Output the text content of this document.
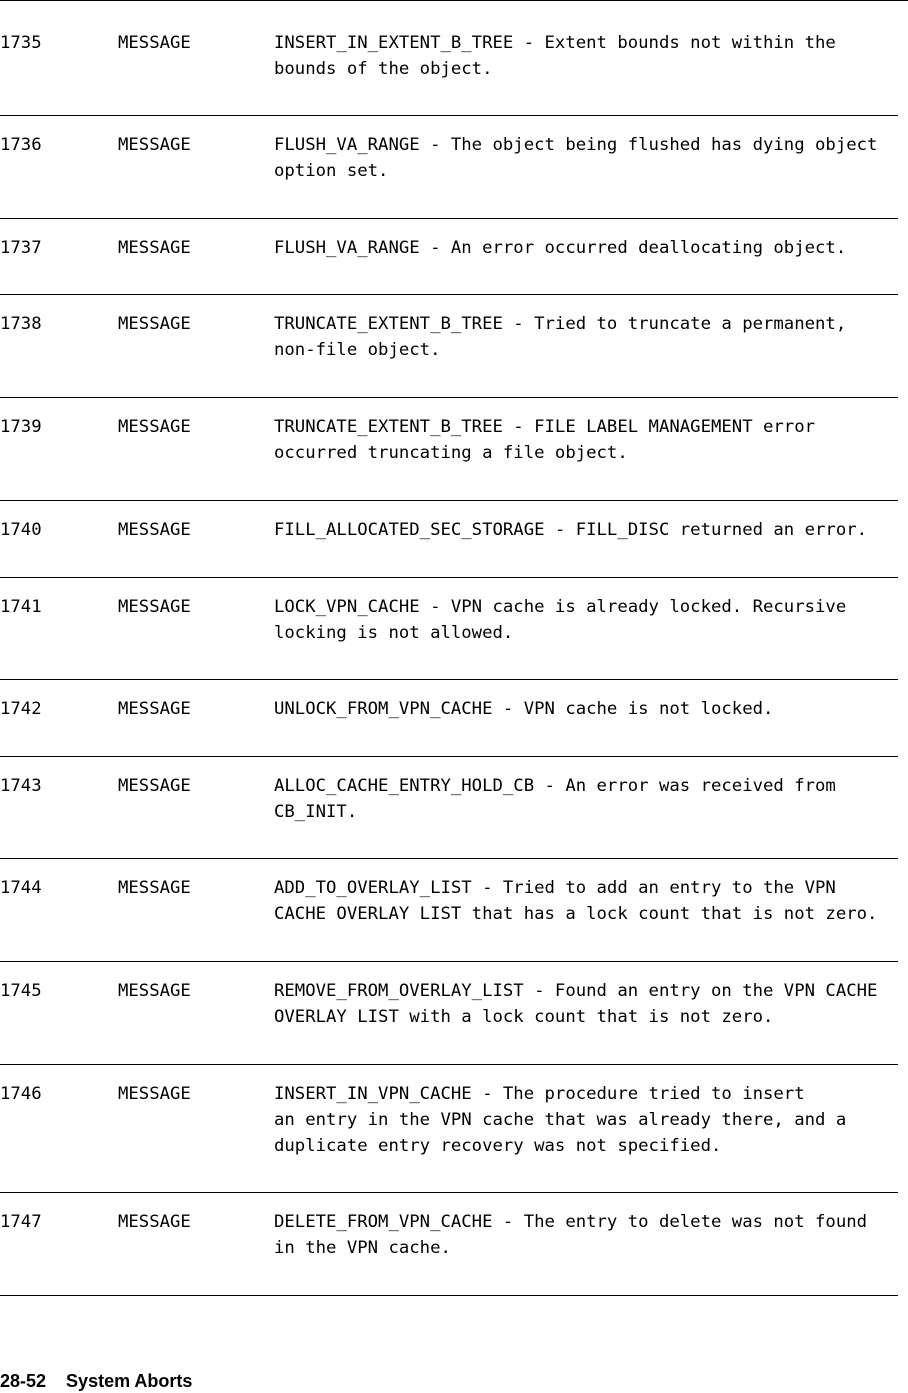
1735	MESSAGE	INSERT_IN_EXTENT_B_TREE - Extent bounds not within the
bounds of the object.
1736	MESSAGE	FLUSH_VA_RANGE - The object being flushed has dying object
option set.
1737	MESSAGE	FLUSH_VA_RANGE - An error occurred deallocating object.
1738	MESSAGE	TRUNCATE_EXTENT_B_TREE - Tried to truncate a permanent,
non-file object.
1739	MESSAGE	TRUNCATE_EXTENT_B_TREE - FILE LABEL MANAGEMENT error
occurred truncating a file object.
1740	MESSAGE	FILL_ALLOCATED_SEC_STORAGE - FILL_DISC returned an error.
1741	MESSAGE	LOCK_VPN_CACHE - VPN cache is already locked. Recursive
locking is not allowed.
1742	MESSAGE	UNLOCK_FROM_VPN_CACHE - VPN cache is not locked.
1743	MESSAGE	ALLOC_CACHE_ENTRY_HOLD_CB - An error was received from
CB_INIT.
1744	MESSAGE	ADD_TO_OVERLAY_LIST - Tried to add an entry to the VPN
CACHE OVERLAY LIST that has a lock count that is not zero.
1745	MESSAGE	REMOVE_FROM_OVERLAY_LIST - Found an entry on the VPN CACHE
OVERLAY LIST with a lock count that is not zero.
1746	MESSAGE	INSERT_IN_VPN_CACHE - The procedure tried to insert
an entry in the VPN cache that was already there, and a
duplicate entry recovery was not specified.
1747	MESSAGE	DELETE_FROM_VPN_CACHE - The entry to delete was not found
in the VPN cache.
28-52 System Aborts
